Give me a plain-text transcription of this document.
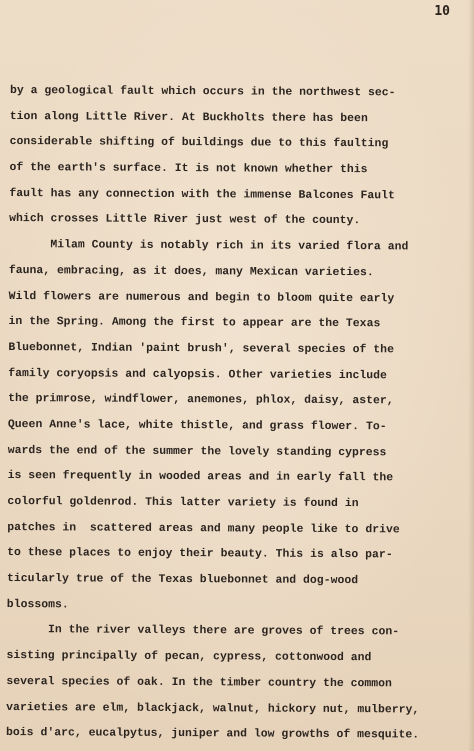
10

by a geological fault which occurs in the northwest sec-
tion along Little River. At Buckholts there has been
considerable shifting of buildings due to this faulting
of the earth's surface. It is not known whether this
fault has any connection with the immense Balcones Fault
which crosses Little River just west of the county.
Milam County is notably rich in its varied flora and
fauna, embracing, as it does, many Mexican varieties.
Wild flowers are numerous and begin to bloom quite early
in the Spring. Among the first to appear are the Texas
Bluebonnet, Indian 'paint brush', several species of the
family coryopsis and calyopsis. Other varieties include
the primrose, windflower, anemones, phlox, daisy, aster,
Queen Anne's lace, white thistle, and grass flower. To-
wards the end of the summer the lovely standing cypress
is seen frequently in wooded areas and in early fall the
colorful goldenrod. This latter variety is found in
patches in  scattered areas and many people like to drive
to these places to enjoy their beauty. This is also par-
ticularly true of the Texas bluebonnet and dog-wood
blossoms.
In the river valleys there are groves of trees con-
sisting principally of pecan, cypress, cottonwood and
several species of oak. In the timber country the common
varieties are elm, blackjack, walnut, hickory nut, mulberry,
bois d'arc, eucalpytus, juniper and low growths of mesquite.
